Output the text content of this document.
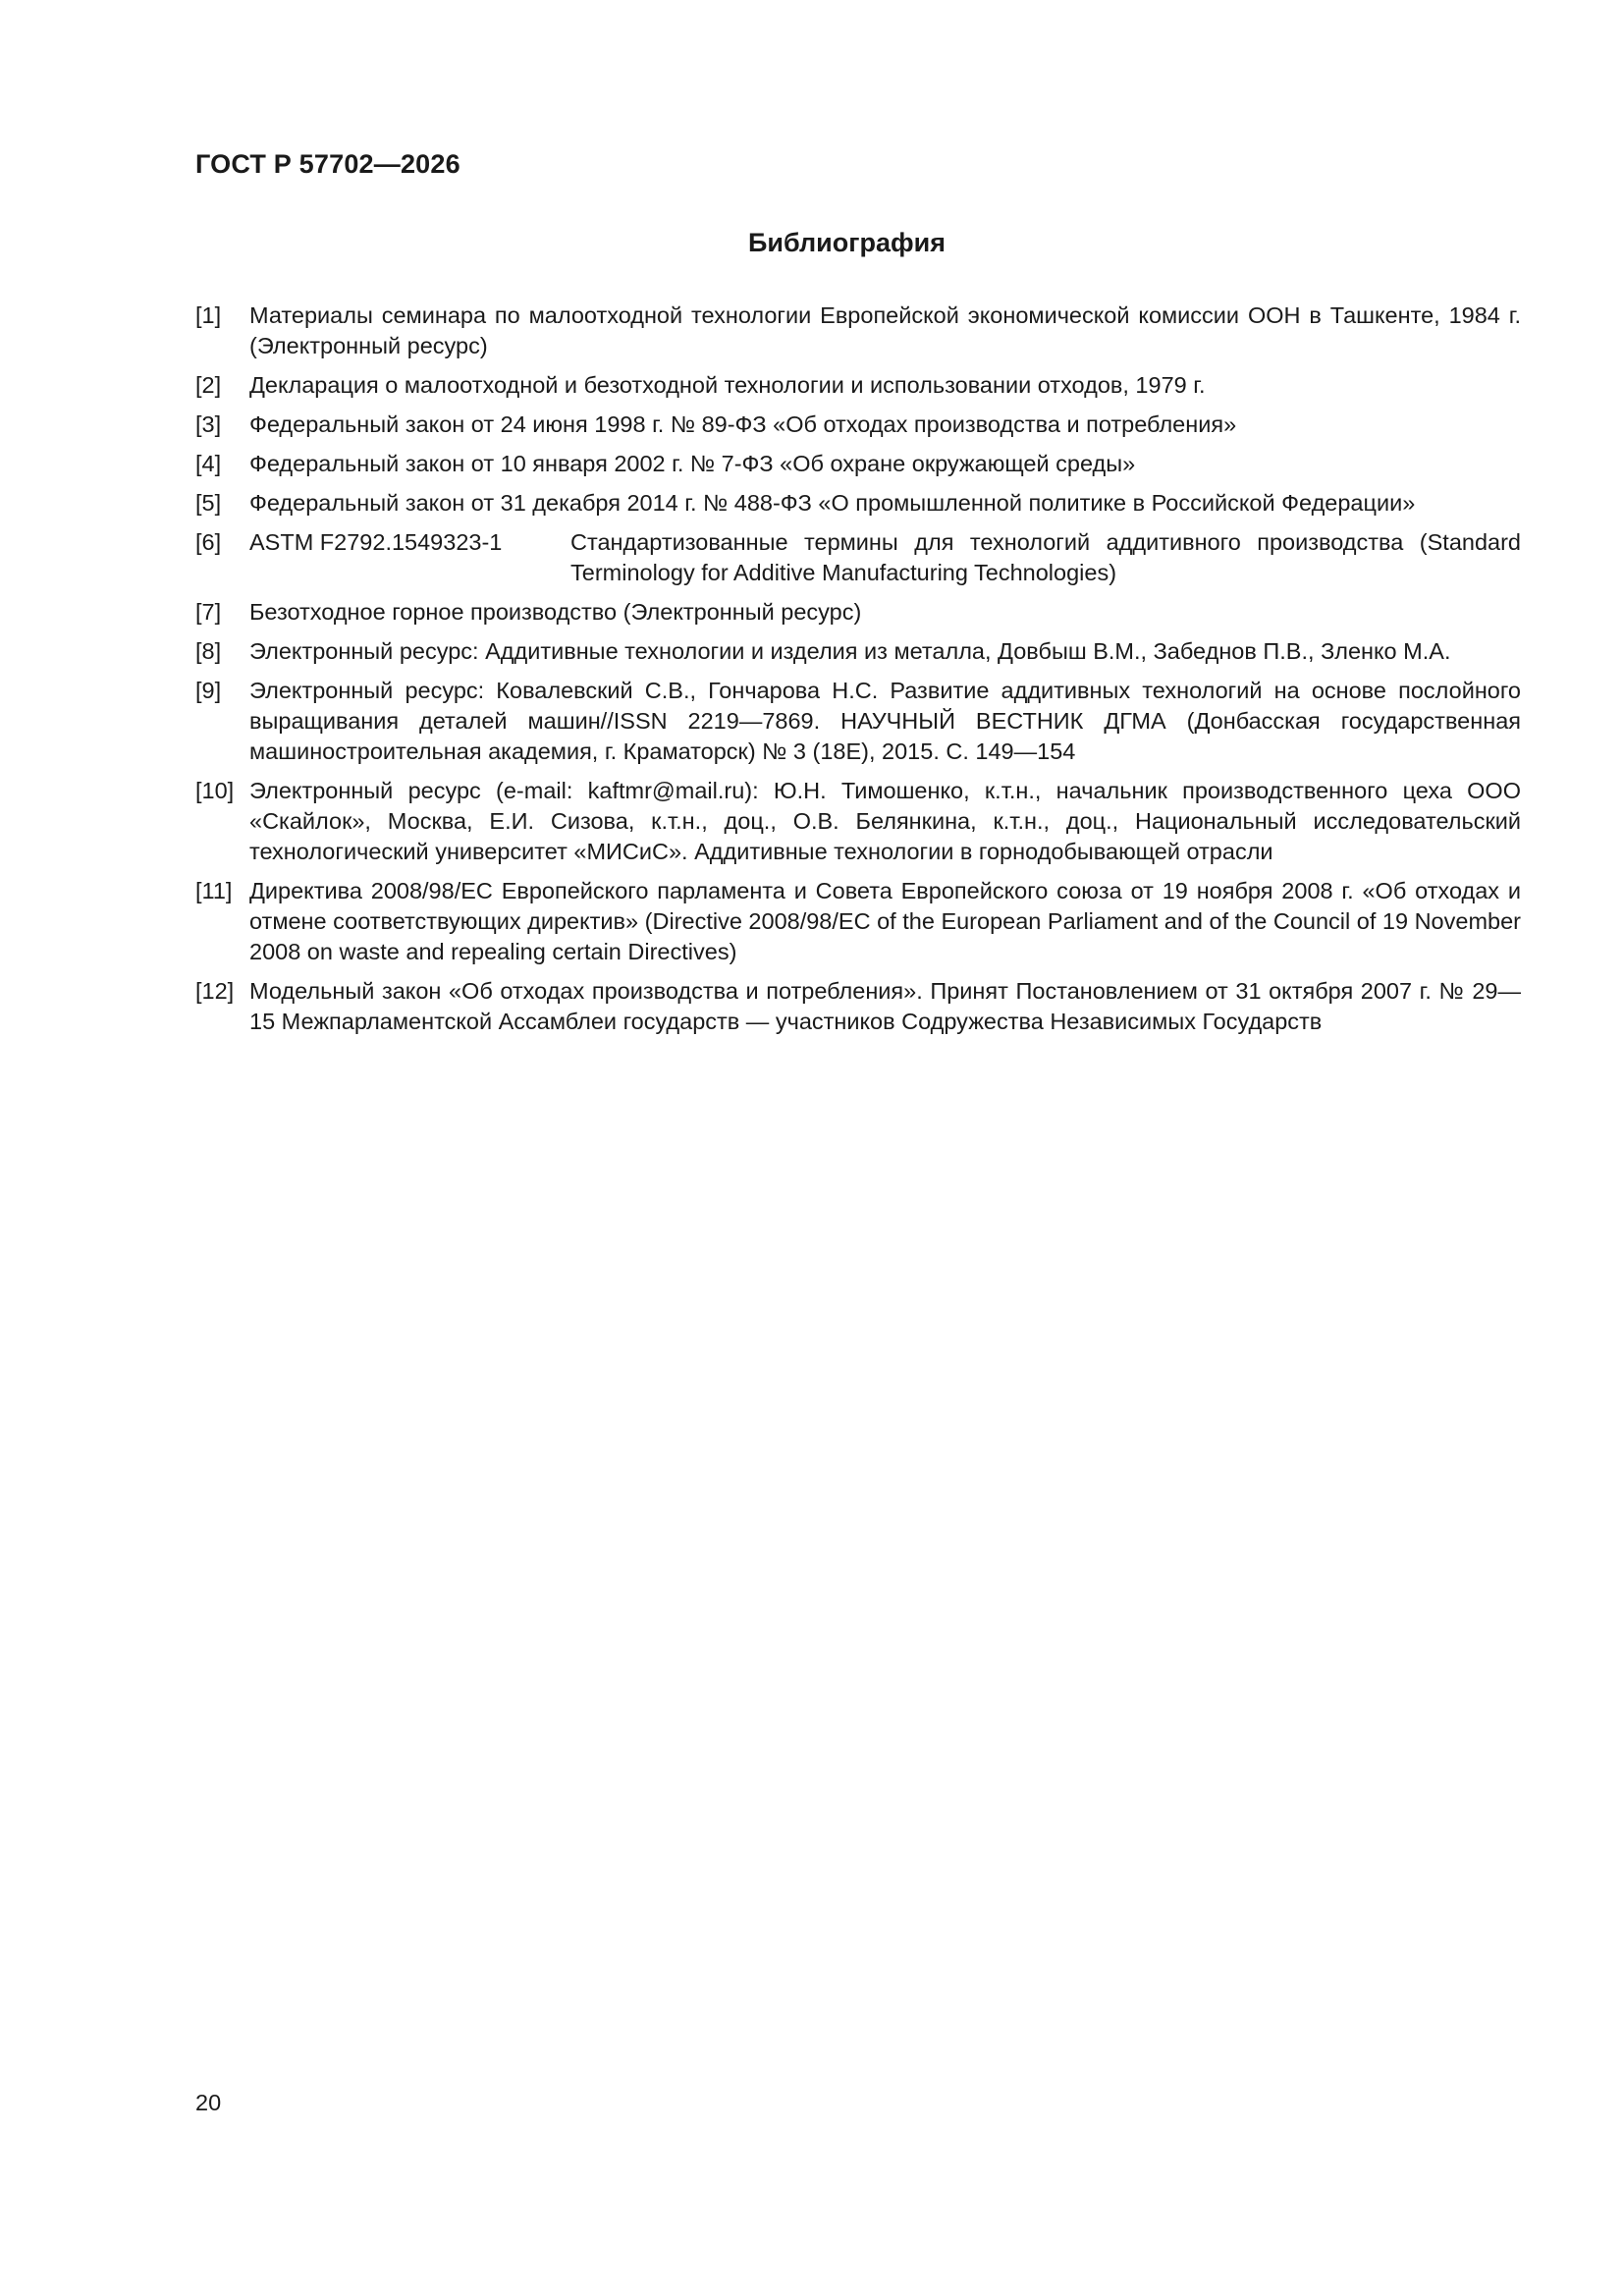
ГОСТ Р 57702—2026
Библиография
[1]	Материалы семинара по малоотходной технологии Европейской экономической комиссии ООН в Ташкенте, 1984 г. (Электронный ресурс)
[2]	Декларация о малоотходной и безотходной технологии и использовании отходов, 1979 г.
[3]	Федеральный закон от 24 июня 1998 г. № 89-ФЗ «Об отходах производства и потребления»
[4]	Федеральный закон от 10 января 2002 г. № 7-ФЗ «Об охране окружающей среды»
[5]	Федеральный закон от 31 декабря 2014 г. № 488-ФЗ «О промышленной политике в Российской Федерации»
[6]	ASTM F2792.1549323-1	Стандартизованные термины для технологий аддитивного производства (Standard Terminology for Additive Manufacturing Technologies)
[7]	Безотходное горное производство (Электронный ресурс)
[8]	Электронный ресурс: Аддитивные технологии и изделия из металла, Довбыш В.М., Забеднов П.В., Зленко М.А.
[9]	Электронный ресурс: Ковалевский С.В., Гончарова Н.С. Развитие аддитивных технологий на основе послойного выращивания деталей машин//ISSN 2219—7869. НАУЧНЫЙ ВЕСТНИК ДГМА (Донбасская государственная машиностроительная академия, г. Краматорск) № 3 (18Е), 2015. С. 149—154
[10] Электронный ресурс (e-mail: kaftmr@mail.ru): Ю.Н. Тимошенко, к.т.н., начальник производственного цеха ООО «Скайлок», Москва, Е.И. Сизова, к.т.н., доц., О.В. Белянкина, к.т.н., доц., Национальный исследовательский технологический университет «МИСиС». Аддитивные технологии в горнодобывающей отрасли
[11] Директива 2008/98/ЕС Европейского парламента и Совета Европейского союза от 19 ноября 2008 г. «Об отходах и отмене соответствующих директив» (Directive 2008/98/EC of the European Parliament and of the Council of 19 November 2008 on waste and repealing certain Directives)
[12] Модельный закон «Об отходах производства и потребления». Принят Постановлением от 31 октября 2007 г. № 29—15 Межпарламентской Ассамблеи государств — участников Содружества Независимых Государств
20
